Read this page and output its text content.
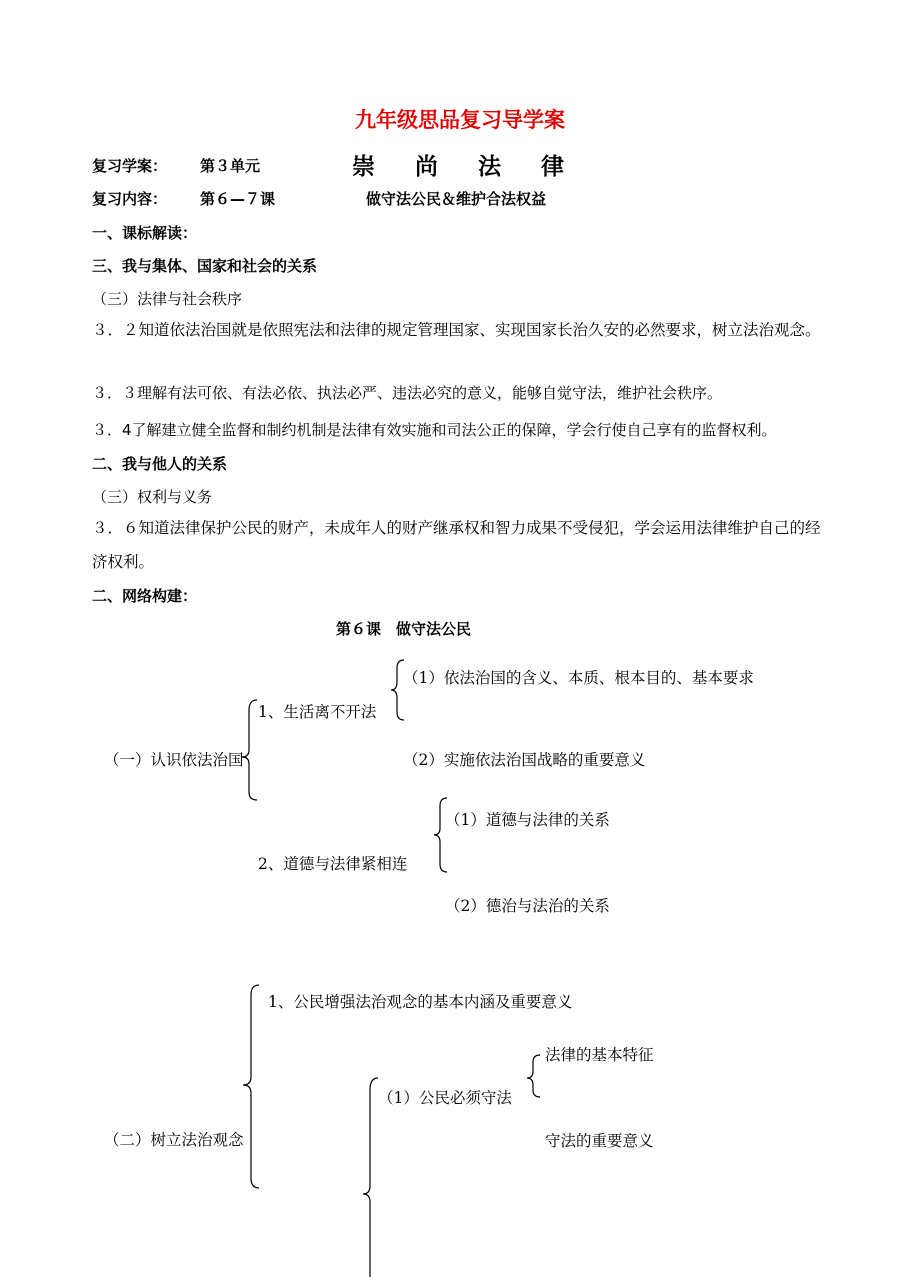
九年级思品复习导学案
复习学案： 第３单元	崇 尚 法 律
复习内容： 第６—７课	做守法公民＆维护合法权益
一、课标解读：
三、我与集体、国家和社会的关系
（三）法律与社会秩序
３．２知道依法治国就是依照宪法和法律的规定管理国家、实现国家长治久安的必然要求，树立法治观念。
３．３理解有法可依、有法必依、执法必严、违法必究的意义，能够自觉守法，维护社会秩序。
３．4了解建立健全监督和制约机制是法律有效实施和司法公正的保障，学会行使自己享有的监督权利。
二、我与他人的关系
（三）权利与义务
３．６知道法律保护公民的财产，未成年人的财产继承权和智力成果不受侵犯，学会运用法律维护自己的经济权利。
二、网络构建：
第６课　做守法公民
（一）认识依法治国
1、生活离不开法
（1）依法治国的含义、本质、根本目的、基本要求
（2）实施依法治国战略的重要意义
2、道德与法律紧相连
（1）道德与法律的关系
（2）德治与法治的关系
（二）树立法治观念
1、公民增强法治观念的基本内涵及重要意义
（1）公民必须守法
法律的基本特征
守法的重要意义
